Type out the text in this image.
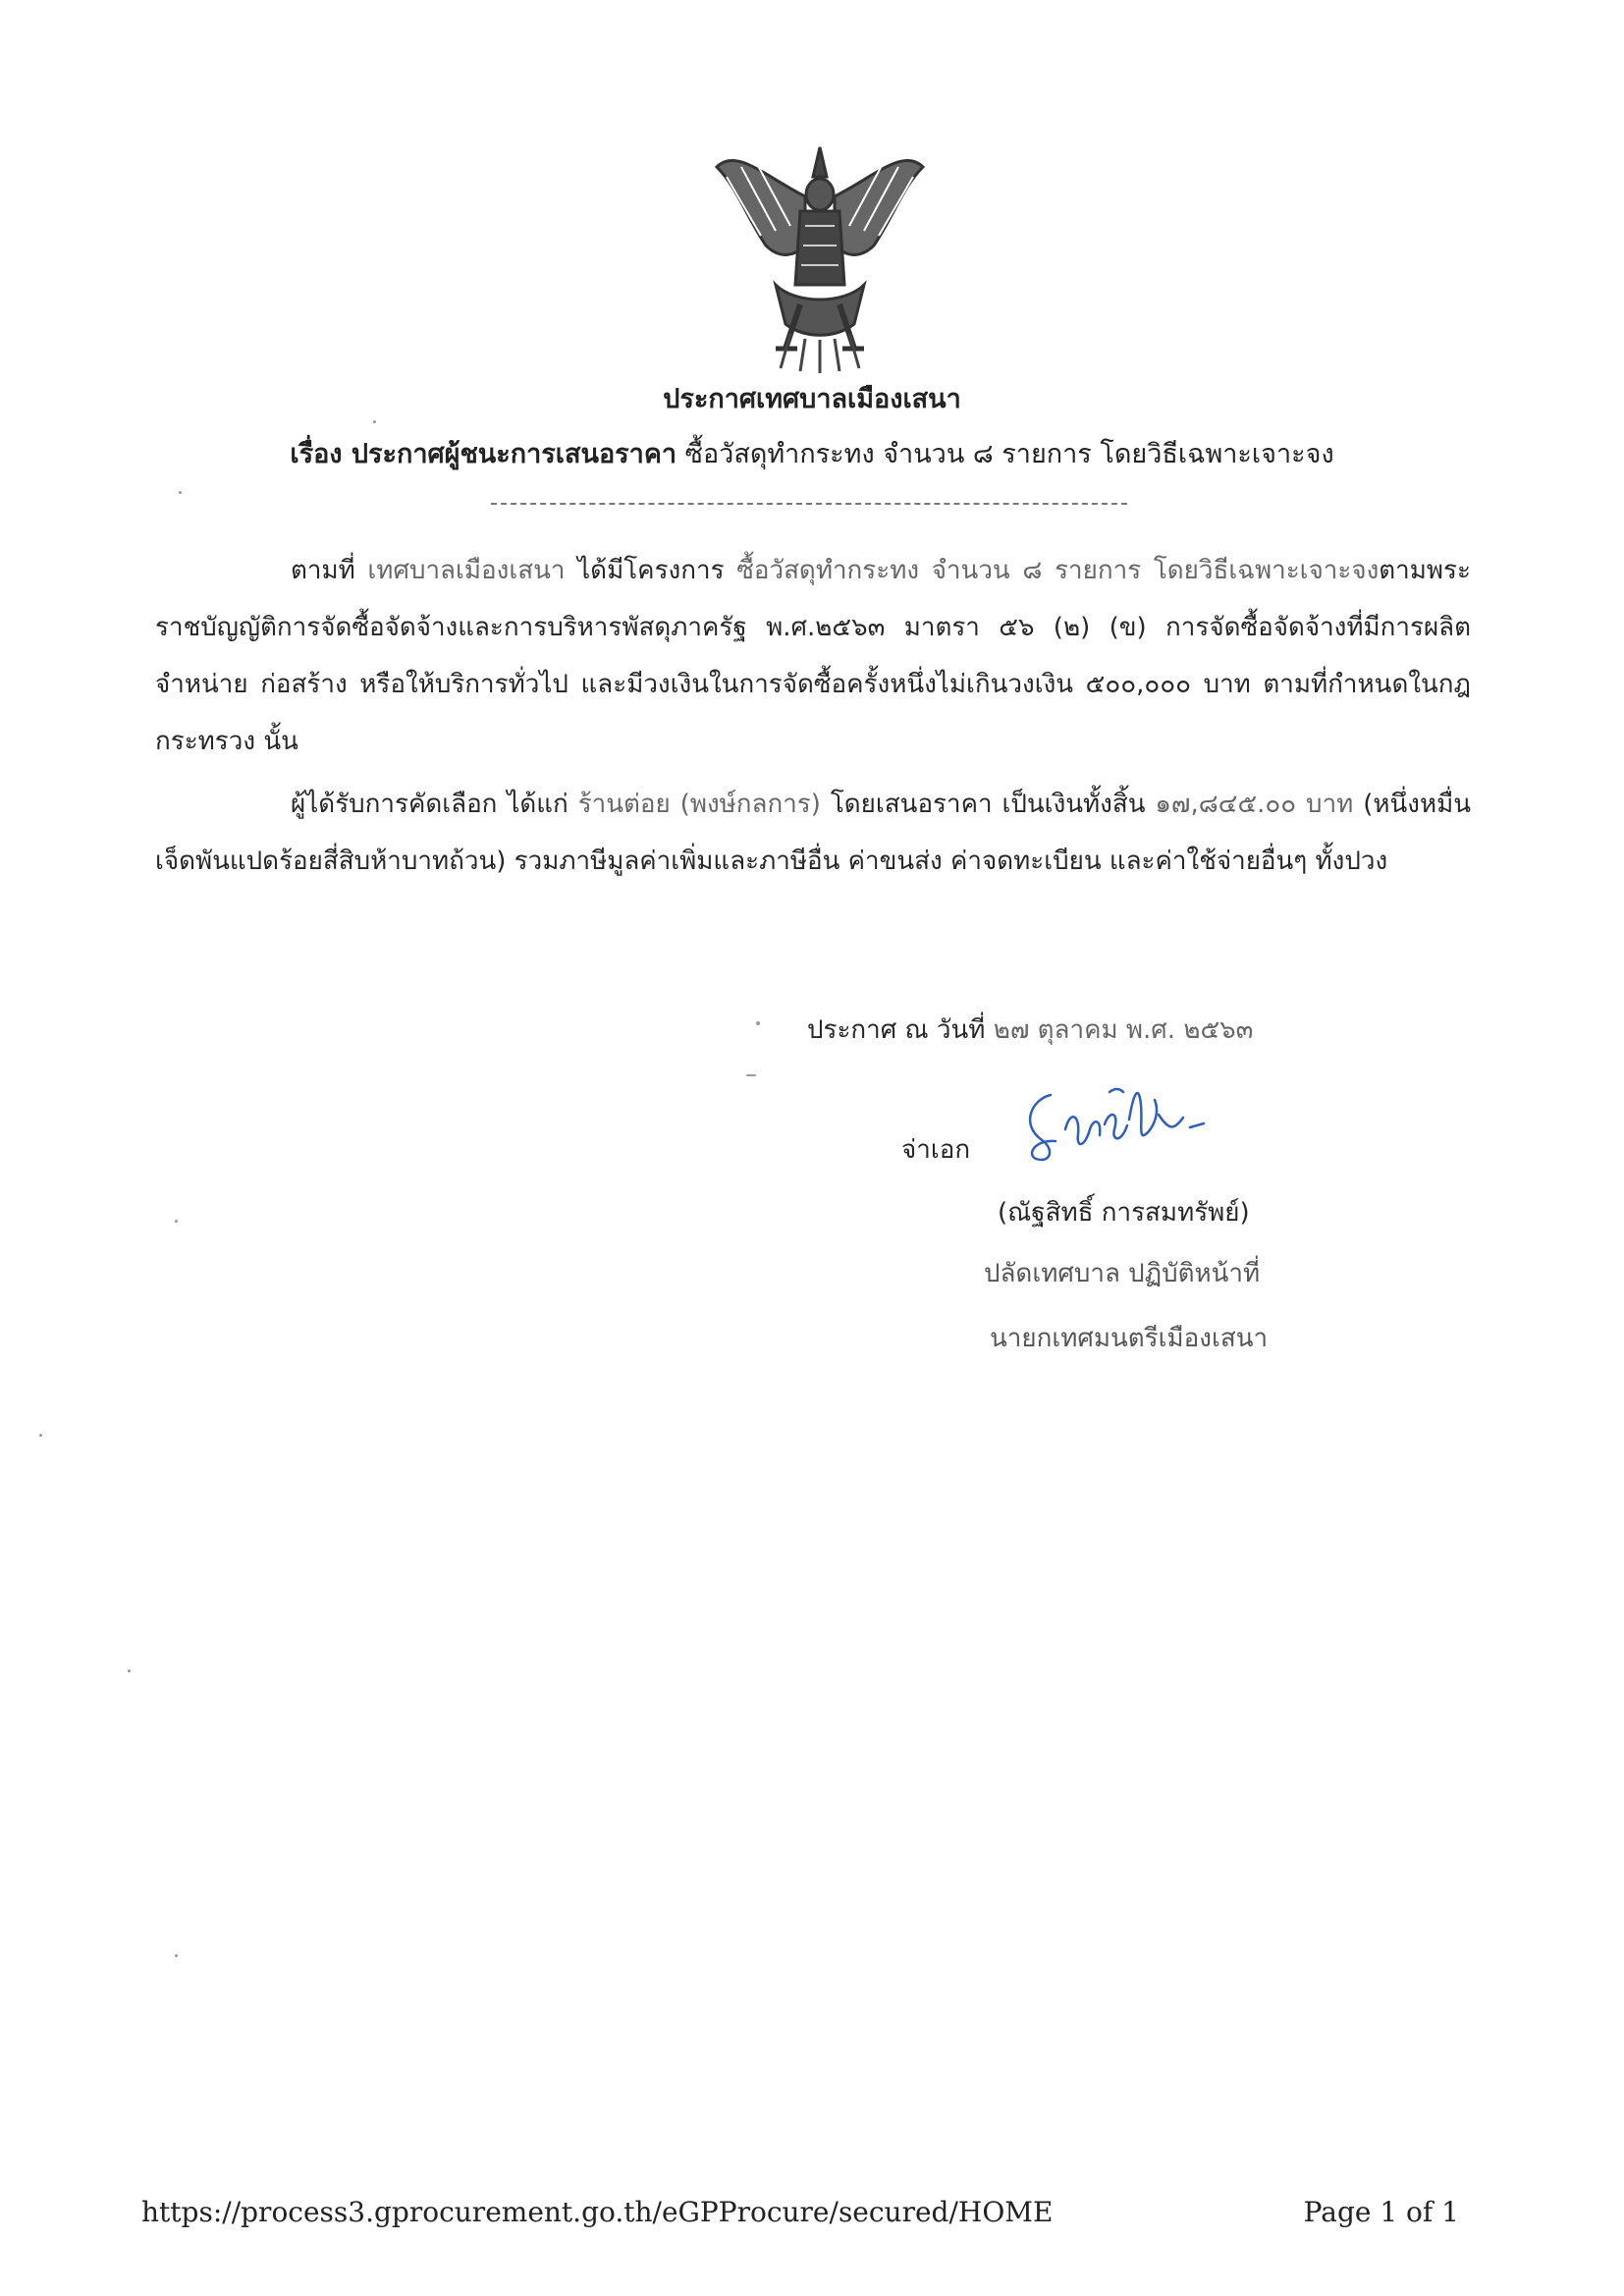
ประกาศเทศบาลเมืองเสนา
เรื่อง ประกาศผู้ชนะการเสนอราคา ซื้อวัสดุทำกระทง จำนวน ๘ รายการ โดยวิธีเฉพาะเจาะจง

ตามที่ เทศบาลเมืองเสนา ได้มีโครงการ ซื้อวัสดุทำกระทง จำนวน ๘ รายการ โดยวิธีเฉพาะเจาะจงตามพระราชบัญญัติการจัดซื้อจัดจ้างและการบริหารพัสดุภาครัฐ พ.ศ.๒๕๖๓ มาตรา ๕๖ (๒) (ข) การจัดซื้อจัดจ้างที่มีการผลิต จำหน่าย ก่อสร้าง หรือให้บริการทั่วไป และมีวงเงินในการจัดซื้อครั้งหนึ่งไม่เกินวงเงิน ๕๐๐,๐๐๐ บาท ตามที่กำหนดในกฎกระทรวง นั้น

ผู้ได้รับการคัดเลือก ได้แก่ ร้านต่อย (พงษ์กลการ) โดยเสนอราคา เป็นเงินทั้งสิ้น ๑๗,๘๔๕.๐๐ บาท (หนึ่งหมื่นเจ็ดพันแปดร้อยสี่สิบห้าบาทถ้วน) รวมภาษีมูลค่าเพิ่มและภาษีอื่น ค่าขนส่ง ค่าจดทะเบียน และค่าใช้จ่ายอื่นๆ ทั้งปวง

ประกาศ ณ วันที่ ๒๗ ตุลาคม พ.ศ. ๒๕๖๓
จ่าเอก
(ณัฐสิทธิ์ การสมทรัพย์)
ปลัดเทศบาล ปฏิบัติหน้าที่
นายกเทศมนตรีเมืองเสนา
https://process3.gprocurement.go.th/eGPProcure/secured/HOME	Page 1 of 1
